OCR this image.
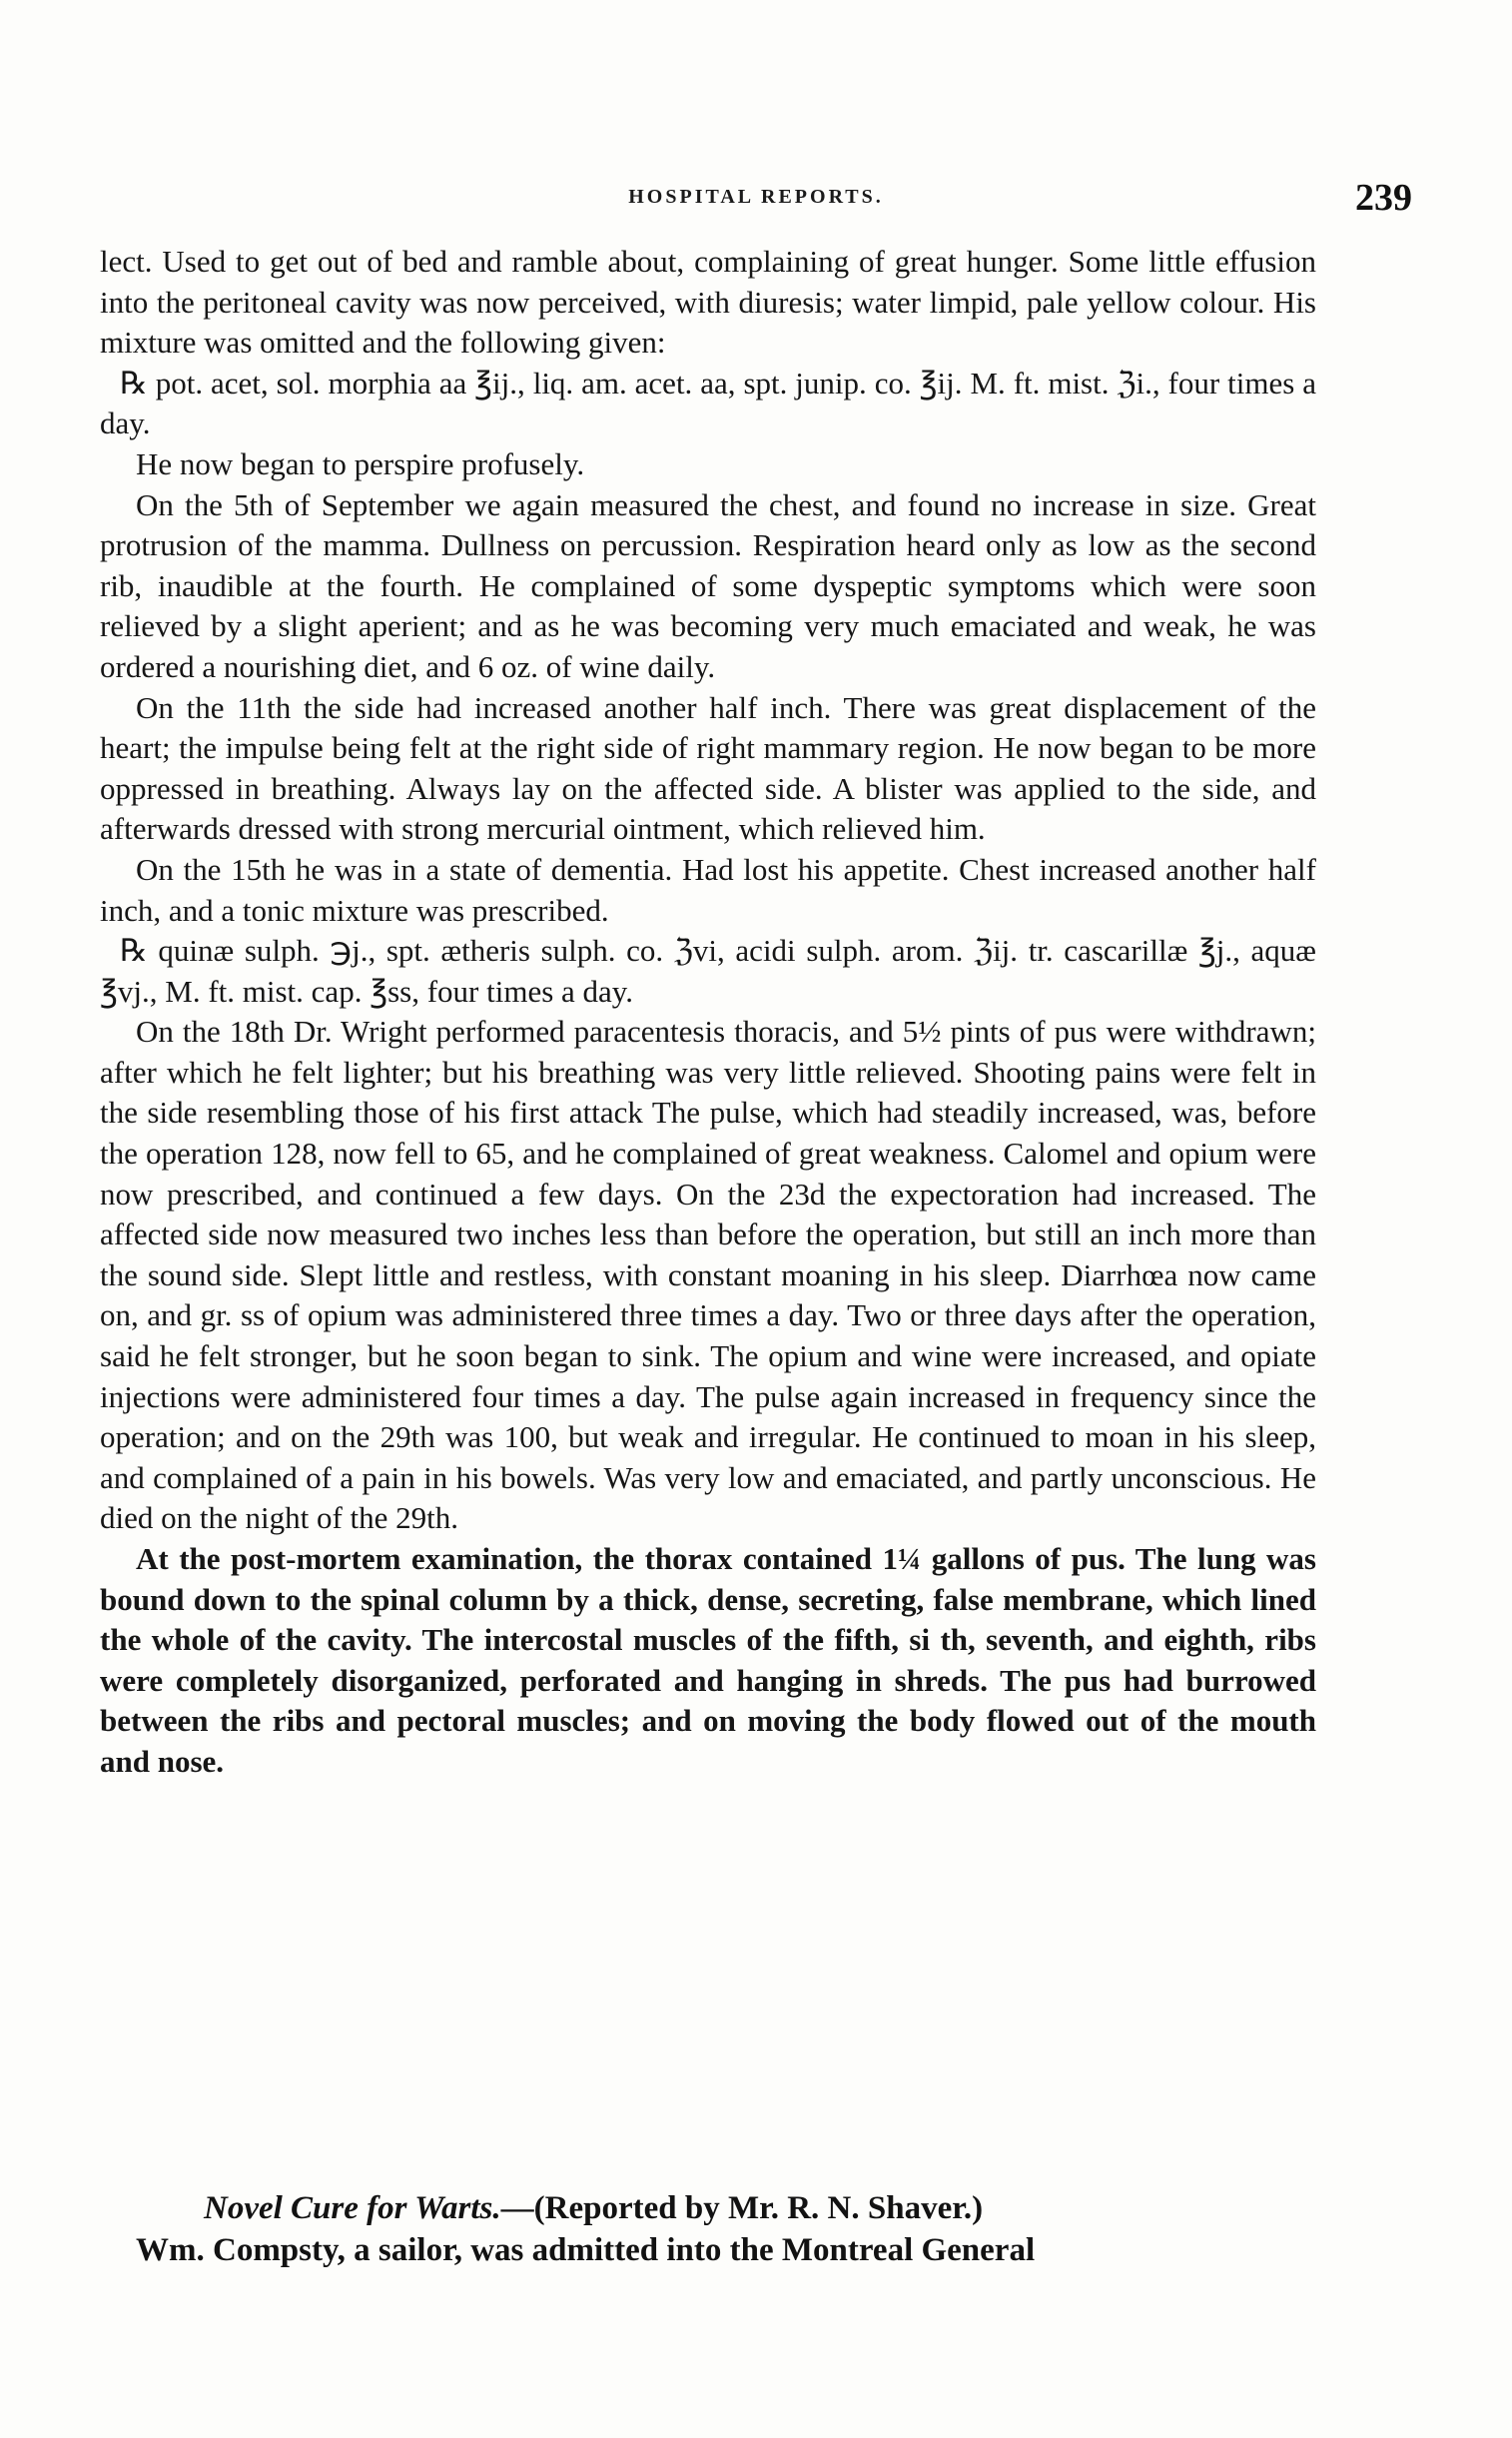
HOSPITAL REPORTS.	239

lect. Used to get out of bed and ramble about, complaining of great hunger. Some little effusion into the peritoneal cavity was now perceived, with diuresis; water limpid, pale yellow colour. His mixture was omitted and the following given:

℞ pot. acet, sol. morphia aa ℥ij., liq. am. acet. aa, spt. junip. co. ℥ij. M. ft. mist. ℨi., four times a day.

He now began to perspire profusely.

On the 5th of September we again measured the chest, and found no increase in size. Great protrusion of the mamma. Dullness on percussion. Respiration heard only as low as the second rib, inaudible at the fourth. He complained of some dyspeptic symptoms which were soon relieved by a slight aperient; and as he was becoming very much emaciated and weak, he was ordered a nourishing diet, and 6 oz. of wine daily.

On the 11th the side had increased another half inch. There was great displacement of the heart; the impulse being felt at the right side of right mammary region. He now began to be more oppressed in breathing. Always lay on the affected side. A blister was applied to the side, and afterwards dressed with strong mercurial ointment, which relieved him.

On the 15th he was in a state of dementia. Had lost his appetite. Chest increased another half inch, and a tonic mixture was prescribed.

℞ quinæ sulph. ℈j., spt. ætheris sulph. co. ℨvi, acidi sulph. arom. ℨij. tr. cascarillæ ℥j., aquæ ℥vj., M. ft. mist. cap. ℥ss, four times a day.

On the 18th Dr. Wright performed paracentesis thoracis, and 5½ pints of pus were withdrawn; after which he felt lighter; but his breathing was very little relieved. Shooting pains were felt in the side resembling those of his first attack The pulse, which had steadily increased, was, before the operation 128, now fell to 65, and he complained of great weakness. Calomel and opium were now prescribed, and continued a few days. On the 23d the expectoration had increased. The affected side now measured two inches less than before the operation, but still an inch more than the sound side. Slept little and restless, with constant moaning in his sleep. Diarrhœa now came on, and gr. ss of opium was administered three times a day. Two or three days after the operation, said he felt stronger, but he soon began to sink. The opium and wine were increased, and opiate injections were administered four times a day. The pulse again increased in frequency since the operation; and on the 29th was 100, but weak and irregular. He continued to moan in his sleep, and complained of a pain in his bowels. Was very low and emaciated, and partly unconscious. He died on the night of the 29th.

At the post-mortem examination, the thorax contained 1¼ gallons of pus. The lung was bound down to the spinal column by a thick, dense, secreting, false membrane, which lined the whole of the cavity. The intercostal muscles of the fifth, si th, seventh, and eighth, ribs were completely disorganized, perforated and hanging in shreds. The pus had burrowed between the ribs and pectoral muscles; and on moving the body flowed out of the mouth and nose.

Novel Cure for Warts.—(Reported by Mr. R. N. Shaver.)

Wm. Compsty, a sailor, was admitted into the Montreal General
